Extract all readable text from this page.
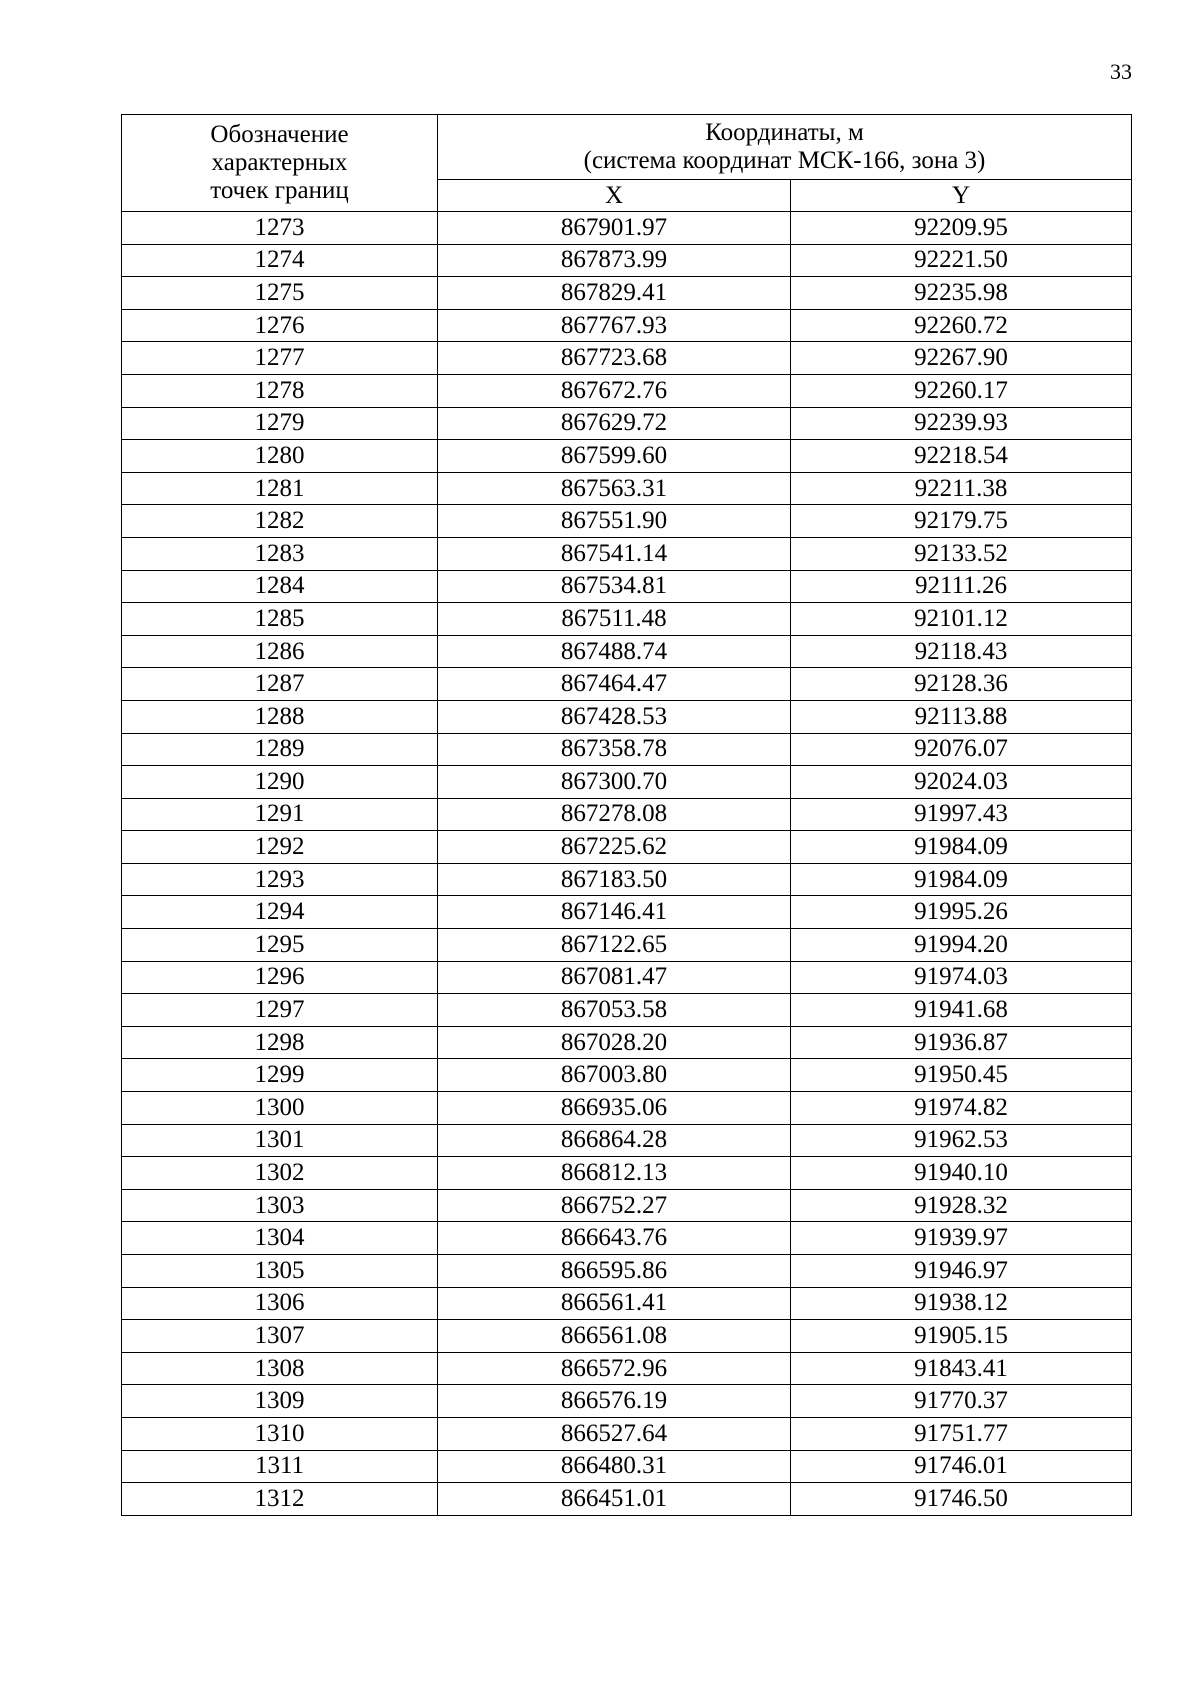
33
Обозначение
характерных
точек границ	Координаты, м
(система координат МСК-166, зона 3)	

	X	Y
1273	867901.97	92209.95
1274	867873.99	92221.50
1275	867829.41	92235.98
1276	867767.93	92260.72
1277	867723.68	92267.90
1278	867672.76	92260.17
1279	867629.72	92239.93
1280	867599.60	92218.54
1281	867563.31	92211.38
1282	867551.90	92179.75
1283	867541.14	92133.52
1284	867534.81	92111.26
1285	867511.48	92101.12
1286	867488.74	92118.43
1287	867464.47	92128.36
1288	867428.53	92113.88
1289	867358.78	92076.07
1290	867300.70	92024.03
1291	867278.08	91997.43
1292	867225.62	91984.09
1293	867183.50	91984.09
1294	867146.41	91995.26
1295	867122.65	91994.20
1296	867081.47	91974.03
1297	867053.58	91941.68
1298	867028.20	91936.87
1299	867003.80	91950.45
1300	866935.06	91974.82
1301	866864.28	91962.53
1302	866812.13	91940.10
1303	866752.27	91928.32
1304	866643.76	91939.97
1305	866595.86	91946.97
1306	866561.41	91938.12
1307	866561.08	91905.15
1308	866572.96	91843.41
1309	866576.19	91770.37
1310	866527.64	91751.77
1311	866480.31	91746.01
1312	866451.01	91746.50
